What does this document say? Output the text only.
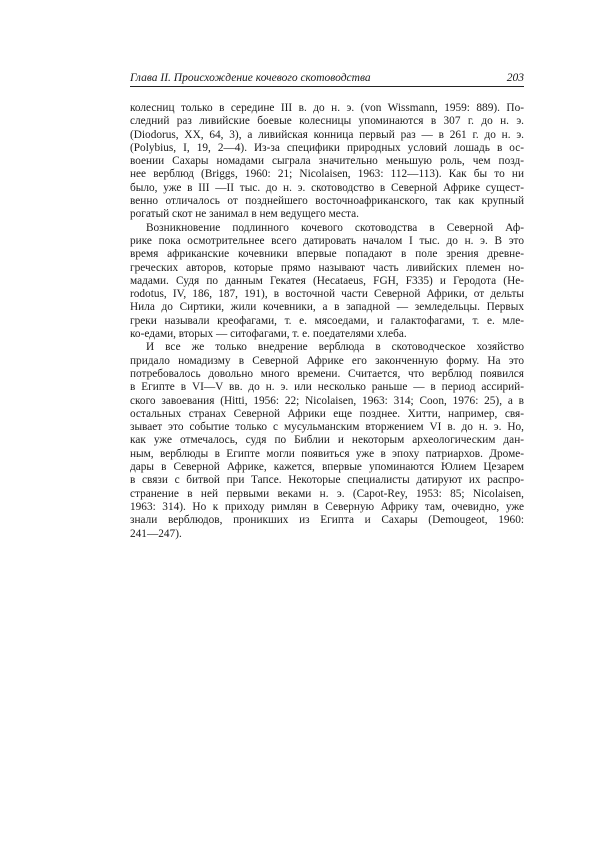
Глава II. Происхождение кочевого скотоводства	203
колесниц только в середине III в. до н. э. (von Wissmann, 1959: 889). По-
следний раз ливийские боевые колесницы упоминаются в 307 г. до н. э.
(Diodorus, XX, 64, 3), а ливийская конница первый раз — в 261 г. до н. э.
(Polybius, I, 19, 2—4). Из-за специфики природных условий лошадь в ос-
воении Сахары номадами сыграла значительно меньшую роль, чем позд-
нее верблюд (Briggs, 1960: 21; Nicolaisen, 1963: 112—113). Как бы то ни
было, уже в III —II тыс. до н. э. скотоводство в Северной Африке сущест-
венно отличалось от позднейшего восточноафриканского, так как крупный
рогатый скот не занимал в нем ведущего места.
Возникновение подлинного кочевого скотоводства в Северной Аф-
рике пока осмотрительнее всего датировать началом I тыс. до н. э. В это
время африканские кочевники впервые попадают в поле зрения древне-
греческих авторов, которые прямо называют часть ливийских племен но-
мадами. Судя по данным Гекатея (Hecataeus, FGH, F335) и Геродота (He-
rodotus, IV, 186, 187, 191), в восточной части Северной Африки, от дельты
Нила до Сиртики, жили кочевники, а в западной — земледельцы. Первых
греки называли креофагами, т. е. мясоедами, и галактофагами, т. е. мле-
ко-едами, вторых — ситофагами, т. е. поедателями хлеба.
И все же только внедрение верблюда в скотоводческое хозяйство
придало номадизму в Северной Африке его законченную форму. На это
потребовалось довольно много времени. Считается, что верблюд появился
в Египте в VI—V вв. до н. э. или несколько раньше — в период ассирий-
ского завоевания (Hitti, 1956: 22; Nicolaisen, 1963: 314; Coon, 1976: 25), а в
остальных странах Северной Африки еще позднее. Хитти, например, свя-
зывает это событие только с мусульманским вторжением VI в. до н. э. Но,
как уже отмечалось, судя по Библии и некоторым археологическим дан-
ным, верблюды в Египте могли появиться уже в эпоху патриархов. Дроме-
дары в Северной Африке, кажется, впервые упоминаются Юлием Цезарем
в связи с битвой при Тапсе. Некоторые специалисты датируют их распро-
странение в ней первыми веками н. э. (Capot-Rey, 1953: 85; Nicolaisen,
1963: 314). Но к приходу римлян в Северную Африку там, очевидно, уже
знали верблюдов, проникших из Египта и Сахары (Demougeot, 1960:
241—247).
